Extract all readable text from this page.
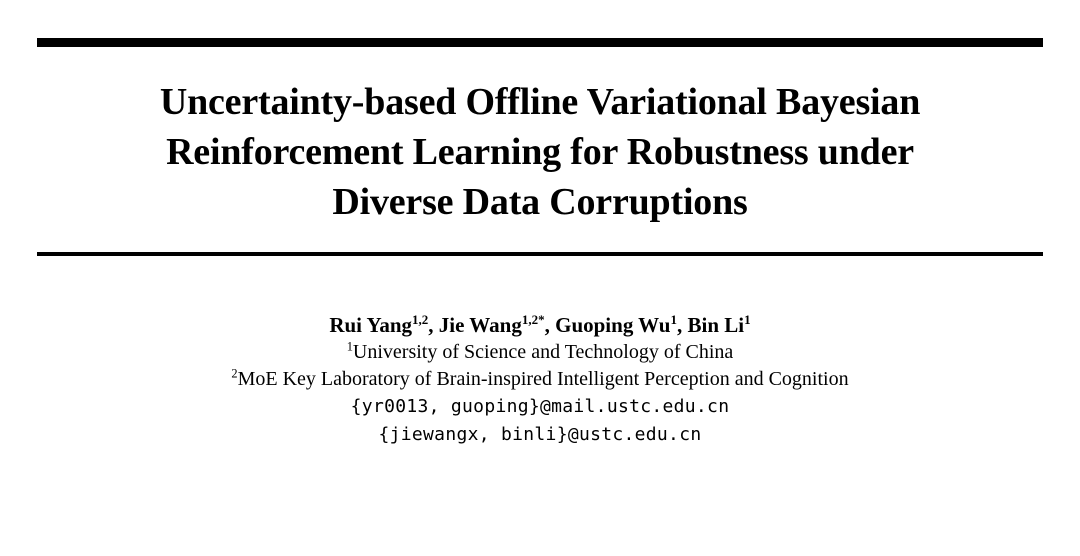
Uncertainty-based Offline Variational Bayesian
Reinforcement Learning for Robustness under
Diverse Data Corruptions
Rui Yang$^{1,2}$, Jie Wang$^{1,2*}$, Guoping Wu$^1$, Bin Li$^1$
$^1$University of Science and Technology of China
$^2$MoE Key Laboratory of Brain-inspired Intelligent Perception and Cognition
{yr0013, guoping}@mail.ustc.edu.cn
{jiewangx, binli}@ustc.edu.cn
